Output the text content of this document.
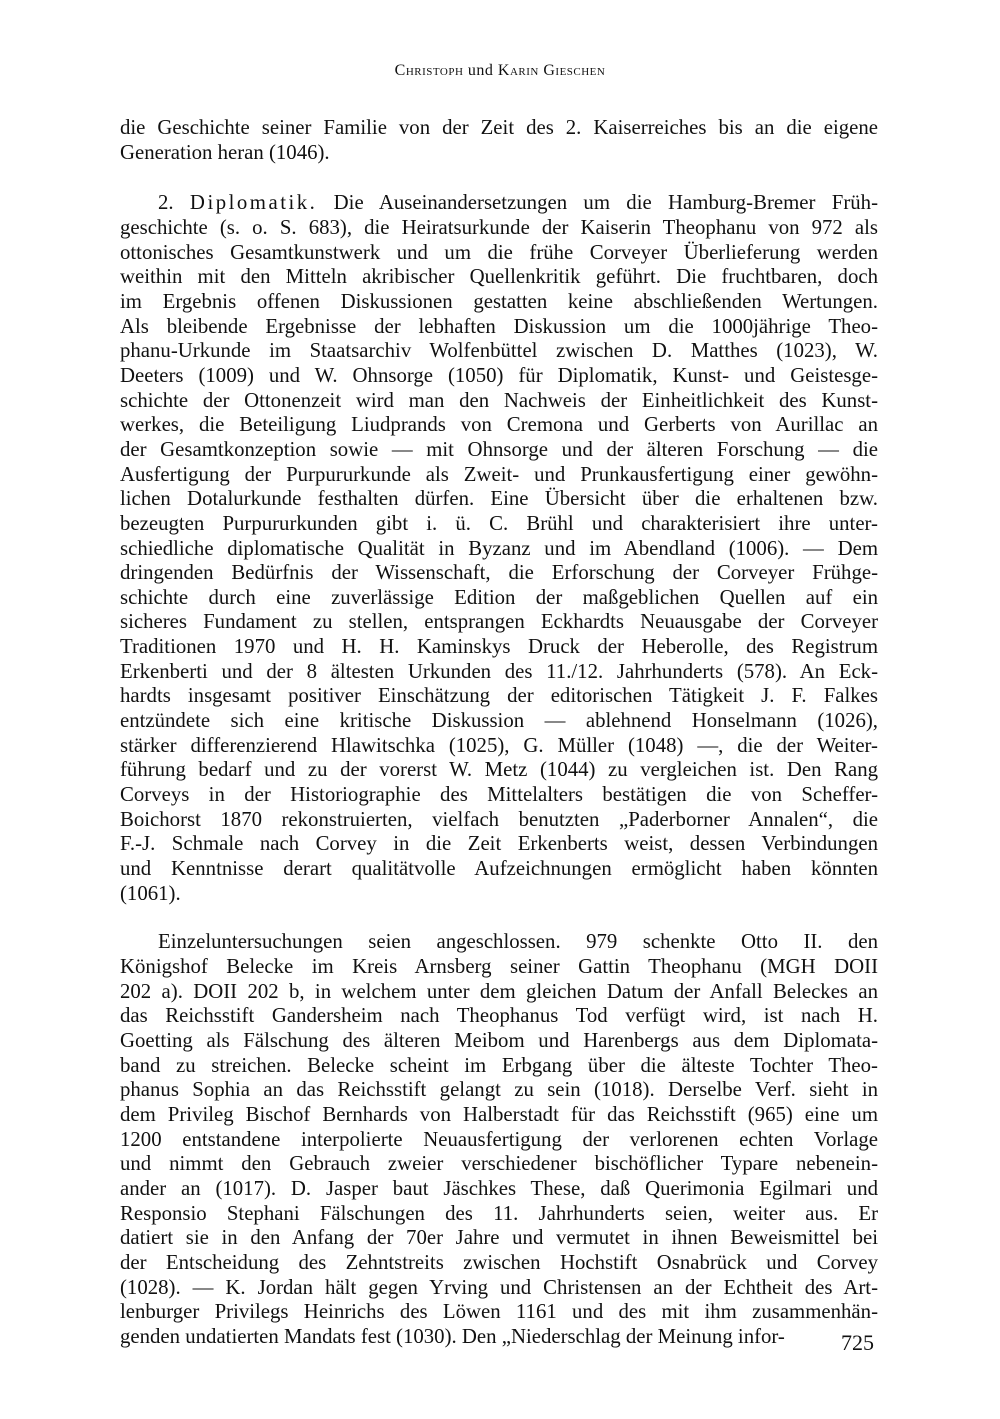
Christoph und Karin Gieschen

die Geschichte seiner Familie von der Zeit des 2. Kaiserreiches bis an die eigene
Generation heran (1046).

2. Diplomatik. Die Auseinandersetzungen um die Hamburg-Bremer Früh-
geschichte (s. o. S. 683), die Heiratsurkunde der Kaiserin Theophanu von 972 als
ottonisches Gesamtkunstwerk und um die frühe Corveyer Überlieferung werden
weithin mit den Mitteln akribischer Quellenkritik geführt. Die fruchtbaren, doch
im Ergebnis offenen Diskussionen gestatten keine abschließenden Wertungen.
Als bleibende Ergebnisse der lebhaften Diskussion um die 1000jährige Theo-
phanu-Urkunde im Staatsarchiv Wolfenbüttel zwischen D. Matthes (1023), W.
Deeters (1009) und W. Ohnsorge (1050) für Diplomatik, Kunst- und Geistesge-
schichte der Ottonenzeit wird man den Nachweis der Einheitlichkeit des Kunst-
werkes, die Beteiligung Liudprands von Cremona und Gerberts von Aurillac an
der Gesamtkonzeption sowie — mit Ohnsorge und der älteren Forschung — die
Ausfertigung der Purpururkunde als Zweit- und Prunkausfertigung einer gewöhn-
lichen Dotalurkunde festhalten dürfen. Eine Übersicht über die erhaltenen bzw.
bezeugten Purpururkunden gibt i. ü. C. Brühl und charakterisiert ihre unter-
schiedliche diplomatische Qualität in Byzanz und im Abendland (1006). — Dem
dringenden Bedürfnis der Wissenschaft, die Erforschung der Corveyer Frühge-
schichte durch eine zuverlässige Edition der maßgeblichen Quellen auf ein
sicheres Fundament zu stellen, entsprangen Eckhardts Neuausgabe der Corveyer
Traditionen 1970 und H. H. Kaminskys Druck der Heberolle, des Registrum
Erkenberti und der 8 ältesten Urkunden des 11./12. Jahrhunderts (578). An Eck-
hardts insgesamt positiver Einschätzung der editorischen Tätigkeit J. F. Falkes
entzündete sich eine kritische Diskussion — ablehnend Honselmann (1026),
stärker differenzierend Hlawitschka (1025), G. Müller (1048) —, die der Weiter-
führung bedarf und zu der vorerst W. Metz (1044) zu vergleichen ist. Den Rang
Corveys in der Historiographie des Mittelalters bestätigen die von Scheffer-
Boichorst 1870 rekonstruierten, vielfach benutzten „Paderborner Annalen“, die
F.-J. Schmale nach Corvey in die Zeit Erkenberts weist, dessen Verbindungen
und Kenntnisse derart qualitätvolle Aufzeichnungen ermöglicht haben könnten
(1061).

Einzeluntersuchungen seien angeschlossen. 979 schenkte Otto II. den
Königshof Belecke im Kreis Arnsberg seiner Gattin Theophanu (MGH DOII
202 a). DOII 202 b, in welchem unter dem gleichen Datum der Anfall Beleckes an
das Reichsstift Gandersheim nach Theophanus Tod verfügt wird, ist nach H.
Goetting als Fälschung des älteren Meibom und Harenbergs aus dem Diplomata-
band zu streichen. Belecke scheint im Erbgang über die älteste Tochter Theo-
phanus Sophia an das Reichsstift gelangt zu sein (1018). Derselbe Verf. sieht in
dem Privileg Bischof Bernhards von Halberstadt für das Reichsstift (965) eine um
1200 entstandene interpolierte Neuausfertigung der verlorenen echten Vorlage
und nimmt den Gebrauch zweier verschiedener bischöflicher Typare nebenein-
ander an (1017). D. Jasper baut Jäschkes These, daß Querimonia Egilmari und
Responsio Stephani Fälschungen des 11. Jahrhunderts seien, weiter aus. Er
datiert sie in den Anfang der 70er Jahre und vermutet in ihnen Beweismittel bei
der Entscheidung des Zehntstreits zwischen Hochstift Osnabrück und Corvey
(1028). — K. Jordan hält gegen Yrving und Christensen an der Echtheit des Art-
lenburger Privilegs Heinrichs des Löwen 1161 und des mit ihm zusammenhän-
genden undatierten Mandats fest (1030). Den „Niederschlag der Meinung infor-	725
